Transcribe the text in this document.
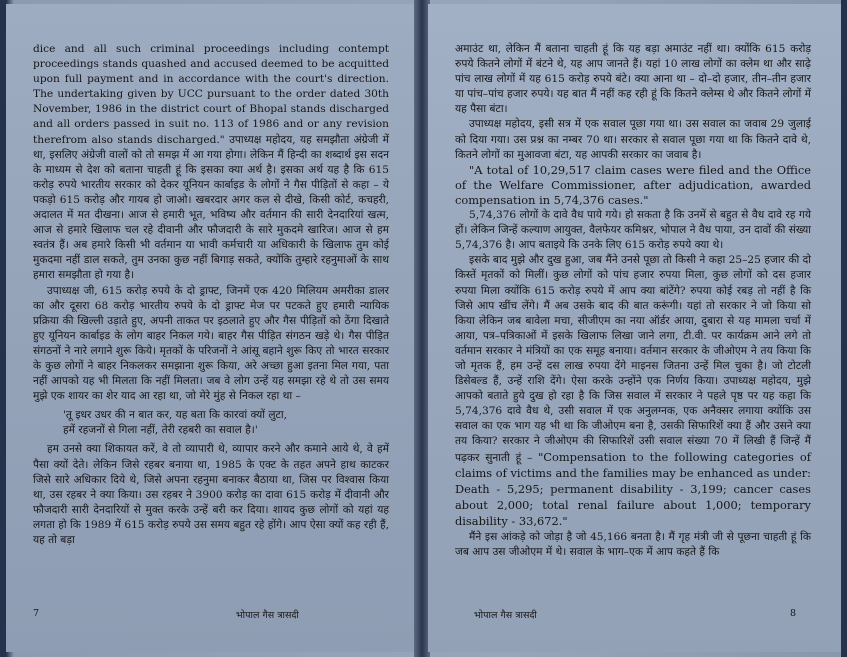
dice and all such criminal proceedings including contempt proceedings stands quashed and accused deemed to be acquitted upon full payment and in accordance with the court's direction. The undertaking given by UCC pursuant to the order dated 30th November, 1986 in the district court of Bhopal stands discharged and all orders passed in suit no. 113 of 1986 and or any revision therefrom also stands discharged." उपाध्यक्ष महोदय, यह समझौता अंग्रेजी में था, इसलिए अंग्रेजी वालों को तो समझ में आ गया होगा। लेकिन मैं हिन्दी का शब्दार्थ इस सदन के माध्यम से देश को बताना चाहती हूं कि इसका क्या अर्थ है। इसका अर्थ यह है कि 615 करोड़ रुपये भारतीय सरकार को देकर यूनियन कार्बाइड के लोगों ने गैस पीड़ितों से कहा – ये पकड़ो 615 करोड़ और गायब हो जाओ। खबरदार अगर कल से दीखे, किसी कोर्ट, कचहरी, अदालत में मत दीखना। आज से हमारी भूत, भविष्य और वर्तमान की सारी देनदारियां खत्म, आज से हमारे खिलाफ चल रहे दीवानी और फौजदारी के सारे मुकदमे खारिज। आज से हम स्वतंत्र हैं। अब हमारे किसी भी वर्तमान या भावी कर्मचारी या अधिकारी के खिलाफ तुम कोई मुकदमा नहीं डाल सकते, तुम उनका कुछ नहीं बिगाड़ सकते, क्योंकि तुम्हारे रहनुमाओं के साथ हमारा समझौता हो गया है।

उपाध्यक्ष जी, 615 करोड़ रुपये के दो ड्राफ्ट, जिनमें एक 420 मिलियम अमरीका डालर का और दूसरा 68 करोड़ भारतीय रुपये के दो ड्राफ्ट मेज पर पटकते हुए हमारी न्यायिक प्रक्रिया की खिल्ली उड़ाते हुए, अपनी ताकत पर इठलाते हुए और गैस पीड़ितों को ठेंगा दिखाते हुए यूनियन कार्बाइड के लोग बाहर निकल गये। बाहर गैस पीड़ित संगठन खड़े थे। गैस पीड़ित संगठनों ने नारे लगाने शुरू किये। मृतकों के परिजनों ने आंसू बहाने शुरू किए तो भारत सरकार के कुछ लोगों ने बाहर निकलकर समझाना शुरू किया, अरे अच्छा हुआ इतना मिल गया, पता नहीं आपको यह भी मिलता कि नहीं मिलता। जब वे लोग उन्हें यह समझा रहे थे तो उस समय मुझे एक शायर का शेर याद आ रहा था, जो मेरे मुंह से निकल रहा था –

'तू इधर उधर की न बात कर, यह बता कि कारवां क्यों लुटा,

हमें रहजनों से गिला नहीं, तेरी रहबरी का सवाल है।'

हम उनसे क्या शिकायत करें, वे तो व्यापारी थे, व्यापार करने और कमाने आये थे, वे हमें पैसा क्यों देते। लेकिन जिसे रहबर बनाया था, 1985 के एक्ट के तहत अपने हाथ काटकर जिसे सारे अधिकार दिये थे, जिसे अपना रहनुमा बनाकर बैठाया था, जिस पर विश्वास किया था, उस रहबर ने क्या किया। उस रहबर ने 3900 करोड़ का दावा 615 करोड़ में दीवानी और फौजदारी सारी देनदारियों से मुक्त करके उन्हें बरी कर दिया। शायद कुछ लोगों को यहां यह लगता हो कि 1989 में 615 करोड़ रुपये उस समय बहुत रहे होंगे। आप ऐसा क्यों कह रही हैं, यह तो बड़ा

7	भोपाल गैस त्रासदी

अमाउंट था, लेकिन मैं बताना चाहती हूं कि यह बड़ा अमाउंट नहीं था। क्योंकि 615 करोड़ रुपये कितने लोगों में बंटने थे, यह आप जानते हैं। यहां 10 लाख लोगों का क्लेम था और साढ़े पांच लाख लोगों में यह 615 करोड़ रुपये बंटे। क्या आना था – दो–दो हजार, तीन–तीन हजार या पांच–पांच हजार रुपये। यह बात मैं नहीं कह रही हूं कि कितने क्लेम्स थे और कितने लोगों में यह पैसा बंटा।

उपाध्यक्ष महोदय, इसी सत्र में एक सवाल पूछा गया था। उस सवाल का जवाब 29 जुलाई को दिया गया। उस प्रश्न का नम्बर 70 था। सरकार से सवाल पूछा गया था कि कितने दावे थे, कितने लोगों का मुआवजा बंटा, यह आपकी सरकार का जवाब है।

"A total of 10,29,517 claim cases were filed and the Office of the Welfare Commissioner, after adjudication, awarded compensation in 5,74,376 cases."

5,74,376 लोगों के दावे वैध पाये गये। हो सकता है कि उनमें से बहुत से वैध दावे रह गये हों। लेकिन जिन्हें कल्याण आयुक्त, वैलफेयर कमिश्नर, भोपाल ने वैध पाया, उन दावों की संख्या 5,74,376 है। आप बताइये कि उनके लिए 615 करोड़ रुपये क्या थे।

इसके बाद मुझे और दुख हुआ, जब मैंने उनसे पूछा तो किसी ने कहा 25–25 हजार की दो किस्तें मृतकों को मिलीं। कुछ लोगों को पांच हजार रुपया मिला, कुछ लोगों को दस हजार रुपया मिला क्योंकि 615 करोड़ रुपये में आप क्या बांटेंगे? रुपया कोई रबड़ तो नहीं है कि जिसे आप खींच लेंगे। मैं अब उसके बाद की बात करूंगी। यहां तो सरकार ने जो किया सो किया लेकिन जब बावेला मचा, सीजीएम का नया ऑर्डर आया, दुबारा से यह मामला चर्चा में आया, पत्र–पत्रिकाओं में इसके खिलाफ लिखा जाने लगा, टी.वी. पर कार्यक्रम आने लगे तो वर्तमान सरकार ने मंत्रियों का एक समूह बनाया। वर्तमान सरकार के जीओएम ने तय किया कि जो मृतक हैं, हम उन्हें दस लाख रुपया देंगे माइनस जितना उन्हें मिल चुका है। जो टोटली डिसेबल्ड हैं, उन्हें राशि देंगे। ऐसा करके उन्होंने एक निर्णय किया। उपाध्यक्ष महोदय, मुझे आपको बताते हुये दुख हो रहा है कि जिस सवाल में सरकार ने पहले पृष्ठ पर यह कहा कि 5,74,376 दावे वैध थे, उसी सवाल में एक अनुलग्नक, एक अनैक्सर लगाया क्योंकि उस सवाल का एक भाग यह भी था कि जीओएम बना है, उसकी सिफारिशें क्या हैं और उसने क्या तय किया? सरकार ने जीओएम की सिफारिशें उसी सवाल संख्या 70 में लिखी हैं जिन्हें मैं पढ़कर सुनाती हूं – "Compensation to the following categories of claims of victims and the families may be enhanced as under: Death - 5,295; permanent disability - 3,199; cancer cases about 2,000; total renal failure about 1,000; temporary disability - 33,672."

मैंने इस आंकड़े को जोड़ा है जो 45,166 बनता है। मैं गृह मंत्री जी से पूछना चाहती हूं कि जब आप उस जीओएम में थे। सवाल के भाग–एक में आप कहते हैं कि

भोपाल गैस त्रासदी	8
